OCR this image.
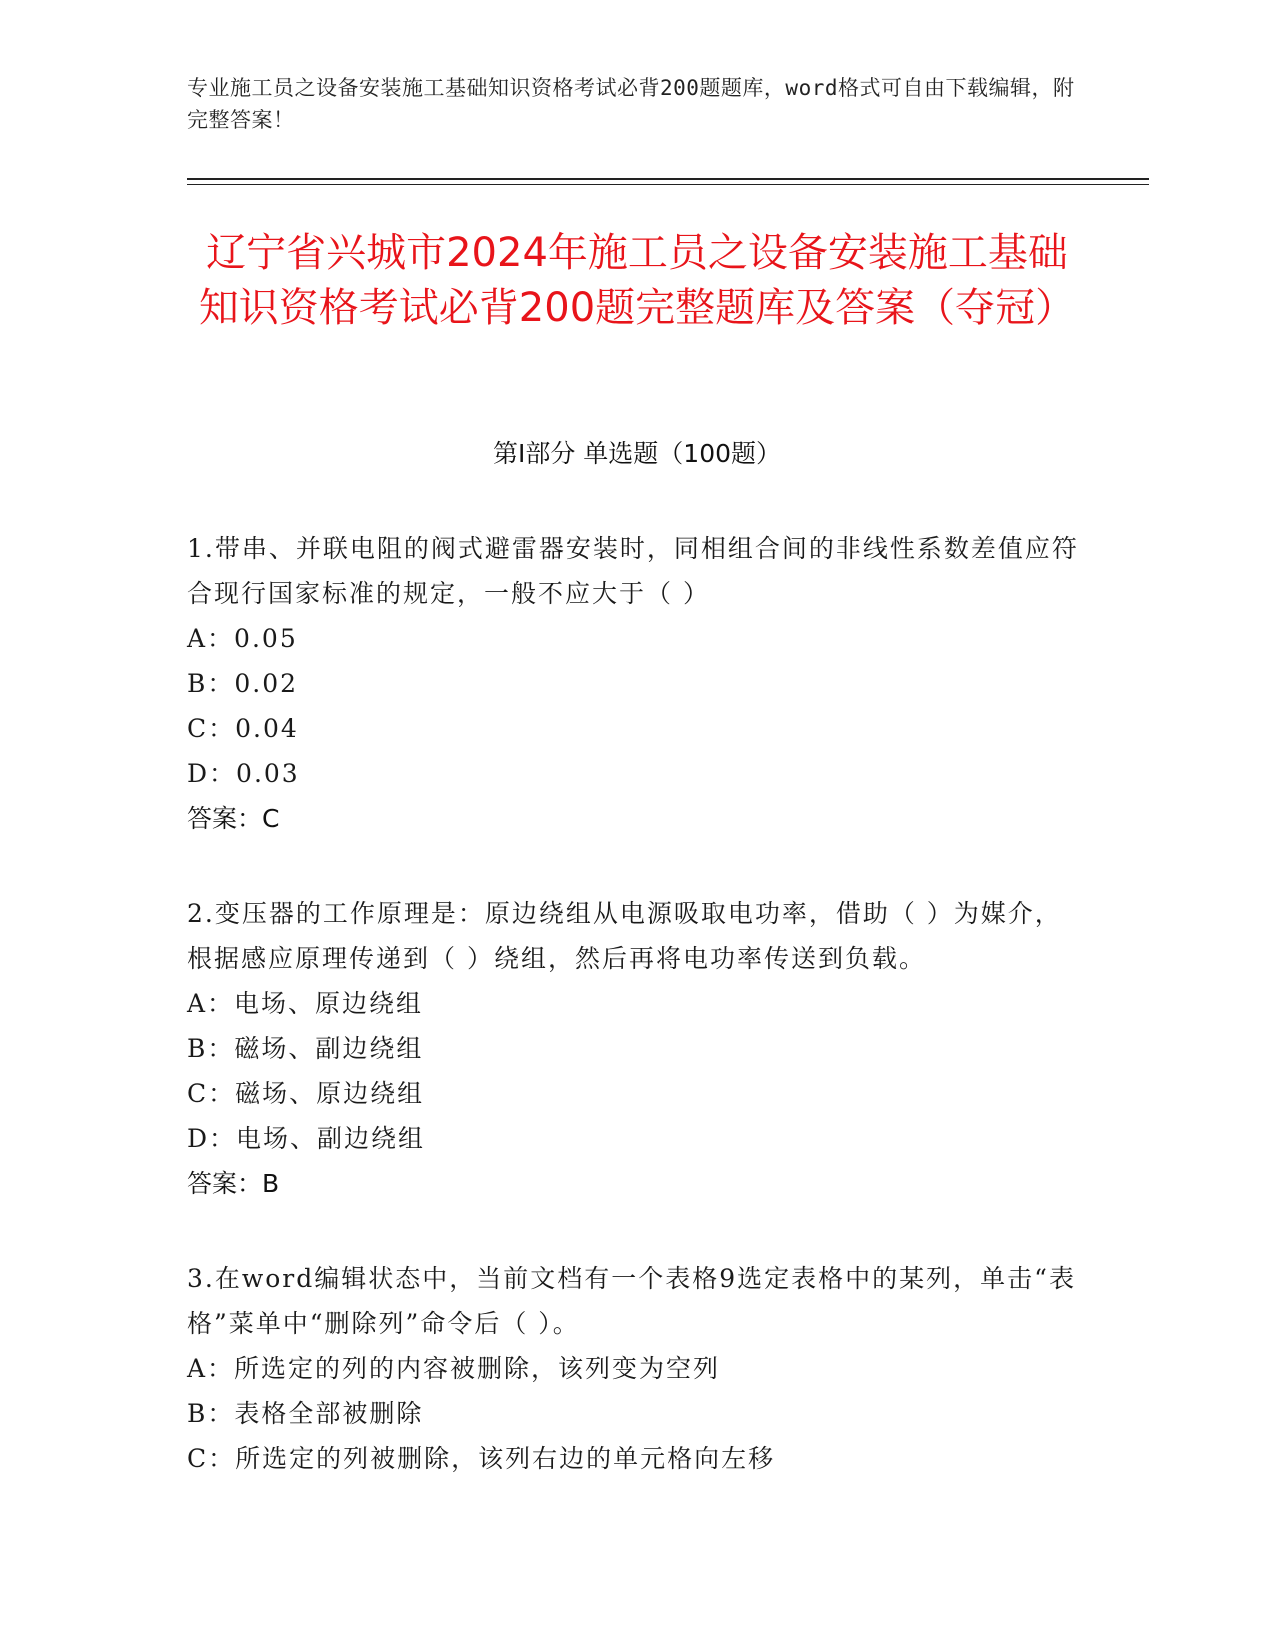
专业施工员之设备安装施工基础知识资格考试必背200题题库，word格式可自由下载编辑，附完整答案！
辽宁省兴城市2024年施工员之设备安装施工基础知识资格考试必背200题完整题库及答案（夺冠）
第Ⅰ部分 单选题（100题）
1.带串、并联电阻的阀式避雷器安装时，同相组合间的非线性系数差值应符合现行国家标准的规定，一般不应大于（ ）
A：0.05
B：0.02
C：0.04
D：0.03
答案：C
2.变压器的工作原理是：原边绕组从电源吸取电功率，借助（ ）为媒介，根据感应原理传递到（ ）绕组，然后再将电功率传送到负载。
A：电场、原边绕组
B：磁场、副边绕组
C：磁场、原边绕组
D：电场、副边绕组
答案：B
3.在word编辑状态中，当前文档有一个表格9选定表格中的某列，单击“表格”菜单中“删除列”命令后（ ）。
A：所选定的列的内容被删除，该列变为空列
B：表格全部被删除
C：所选定的列被删除，该列右边的单元格向左移
